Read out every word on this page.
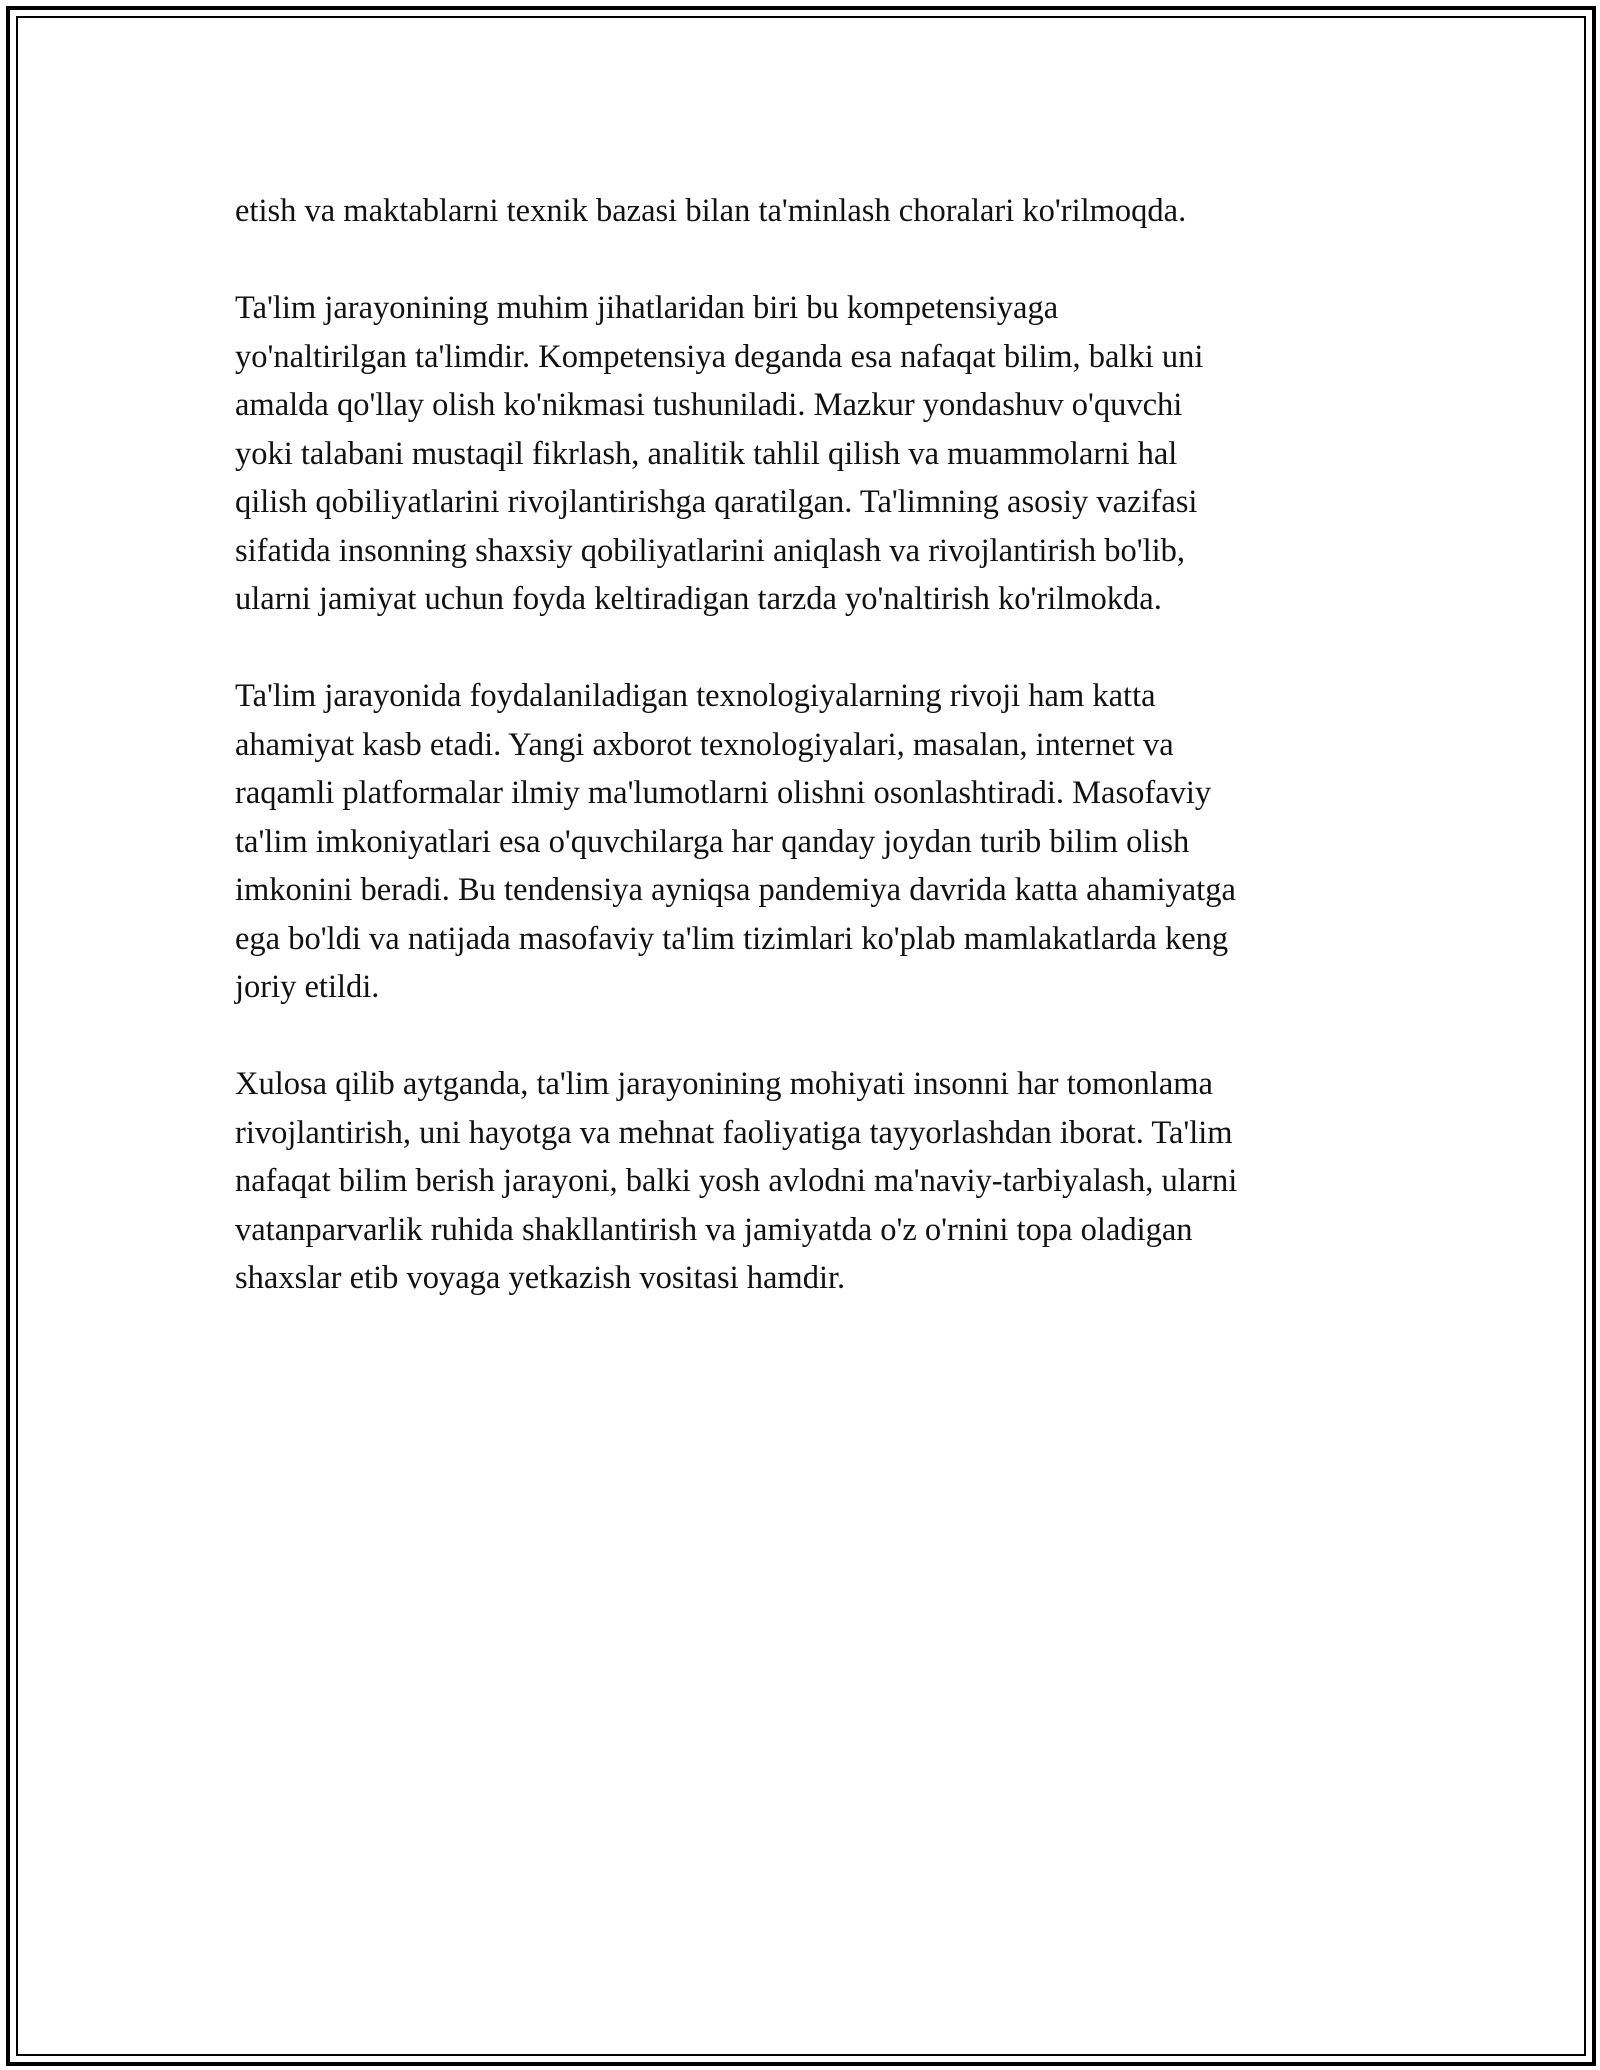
etish va maktablarni texnik bazasi bilan ta'minlash choralari ko'rilmoqda.

Ta'lim jarayonining muhim jihatlaridan biri bu kompetensiyaga
yo'naltirilgan ta'limdir. Kompetensiya deganda esa nafaqat bilim, balki uni
amalda qo'llay olish ko'nikmasi tushuniladi. Mazkur yondashuv o'quvchi
yoki talabani mustaqil fikrlash, analitik tahlil qilish va muammolarni hal
qilish qobiliyatlarini rivojlantirishga qaratilgan. Ta'limning asosiy vazifasi
sifatida insonning shaxsiy qobiliyatlarini aniqlash va rivojlantirish bo'lib,
ularni jamiyat uchun foyda keltiradigan tarzda yo'naltirish ko'rilmokda.

Ta'lim jarayonida foydalaniladigan texnologiyalarning rivoji ham katta
ahamiyat kasb etadi. Yangi axborot texnologiyalari, masalan, internet va
raqamli platformalar ilmiy ma'lumotlarni olishni osonlashtiradi. Masofaviy
ta'lim imkoniyatlari esa o'quvchilarga har qanday joydan turib bilim olish
imkonini beradi. Bu tendensiya ayniqsa pandemiya davrida katta ahamiyatga
ega bo'ldi va natijada masofaviy ta'lim tizimlari ko'plab mamlakatlarda keng
joriy etildi.

Xulosa qilib aytganda, ta'lim jarayonining mohiyati insonni har tomonlama
rivojlantirish, uni hayotga va mehnat faoliyatiga tayyorlashdan iborat. Ta'lim
nafaqat bilim berish jarayoni, balki yosh avlodni ma'naviy-tarbiyalash, ularni
vatanparvarlik ruhida shakllantirish va jamiyatda o'z o'rnini topa oladigan
shaxslar etib voyaga yetkazish vositasi hamdir.
